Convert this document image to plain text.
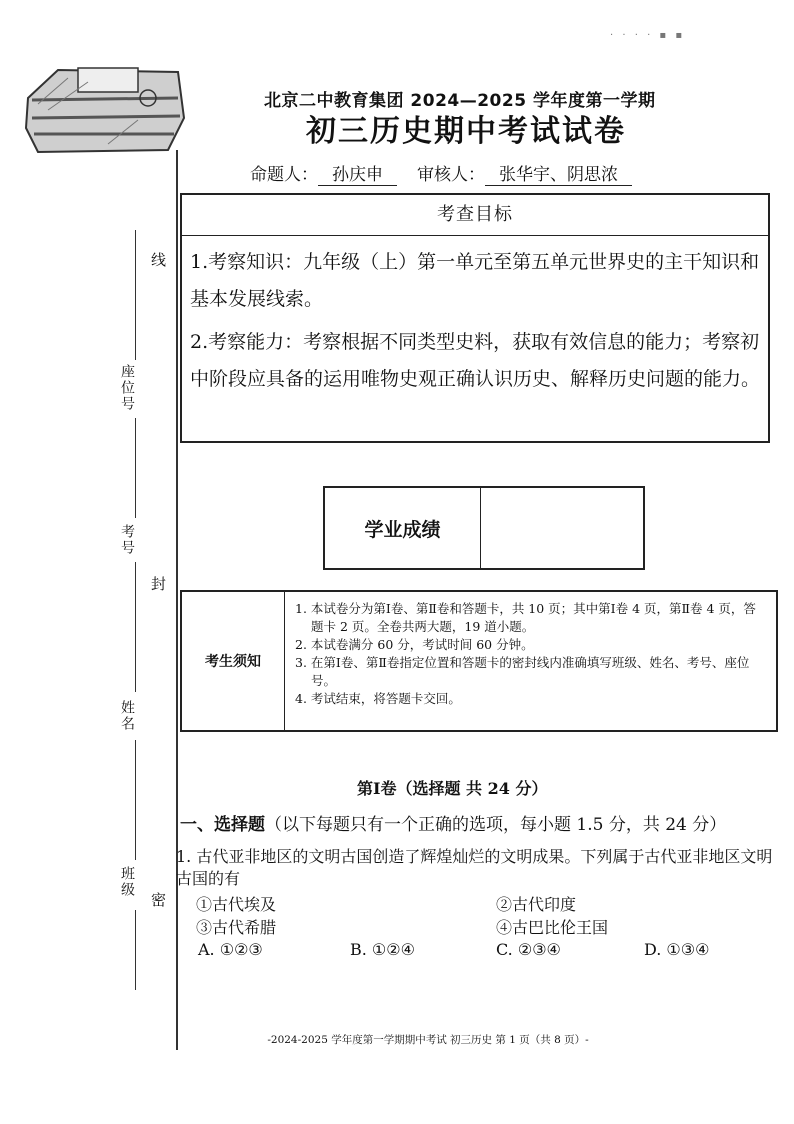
· · · · ▪ ▪
线
封
密
座位号
考号
姓名
班级
北京二中教育集团 2024—2025 学年度第一学期
初三历史期中考试试卷
命题人： 孙庆申 审核人： 张华宇、阴思浓
考查目标

1.考察知识：九年级（上）第一单元至第五单元世界史的主干知识和基本发展线索。

2.考察能力：考察根据不同类型史料，获取有效信息的能力；考察初中阶段应具备的运用唯物史观正确认识历史、解释历史问题的能力。

学业成绩
考生须知
1. 本试卷分为第Ⅰ卷、第Ⅱ卷和答题卡，共 10 页；其中第Ⅰ卷 4 页，第Ⅱ卷 4 页，答题卡 2 页。全卷共两大题，19 道小题。
2. 本试卷满分 60 分，考试时间 60 分钟。
3. 在第Ⅰ卷、第Ⅱ卷指定位置和答题卡的密封线内准确填写班级、姓名、考号、座位号。
4. 考试结束，将答题卡交回。
第Ⅰ卷（选择题 共 24 分）
一、选择题（以下每题只有一个正确的选项，每小题 1.5 分，共 24 分）
1. 古代亚非地区的文明古国创造了辉煌灿烂的文明成果。下列属于古代亚非地区文明古国的有
①古代埃及	②古代印度
③古代希腊	④古巴比伦王国
A. ①②③	B. ①②④	C. ②③④	D. ①③④
-2024-2025 学年度第一学期期中考试 初三历史 第 1 页（共 8 页）-
